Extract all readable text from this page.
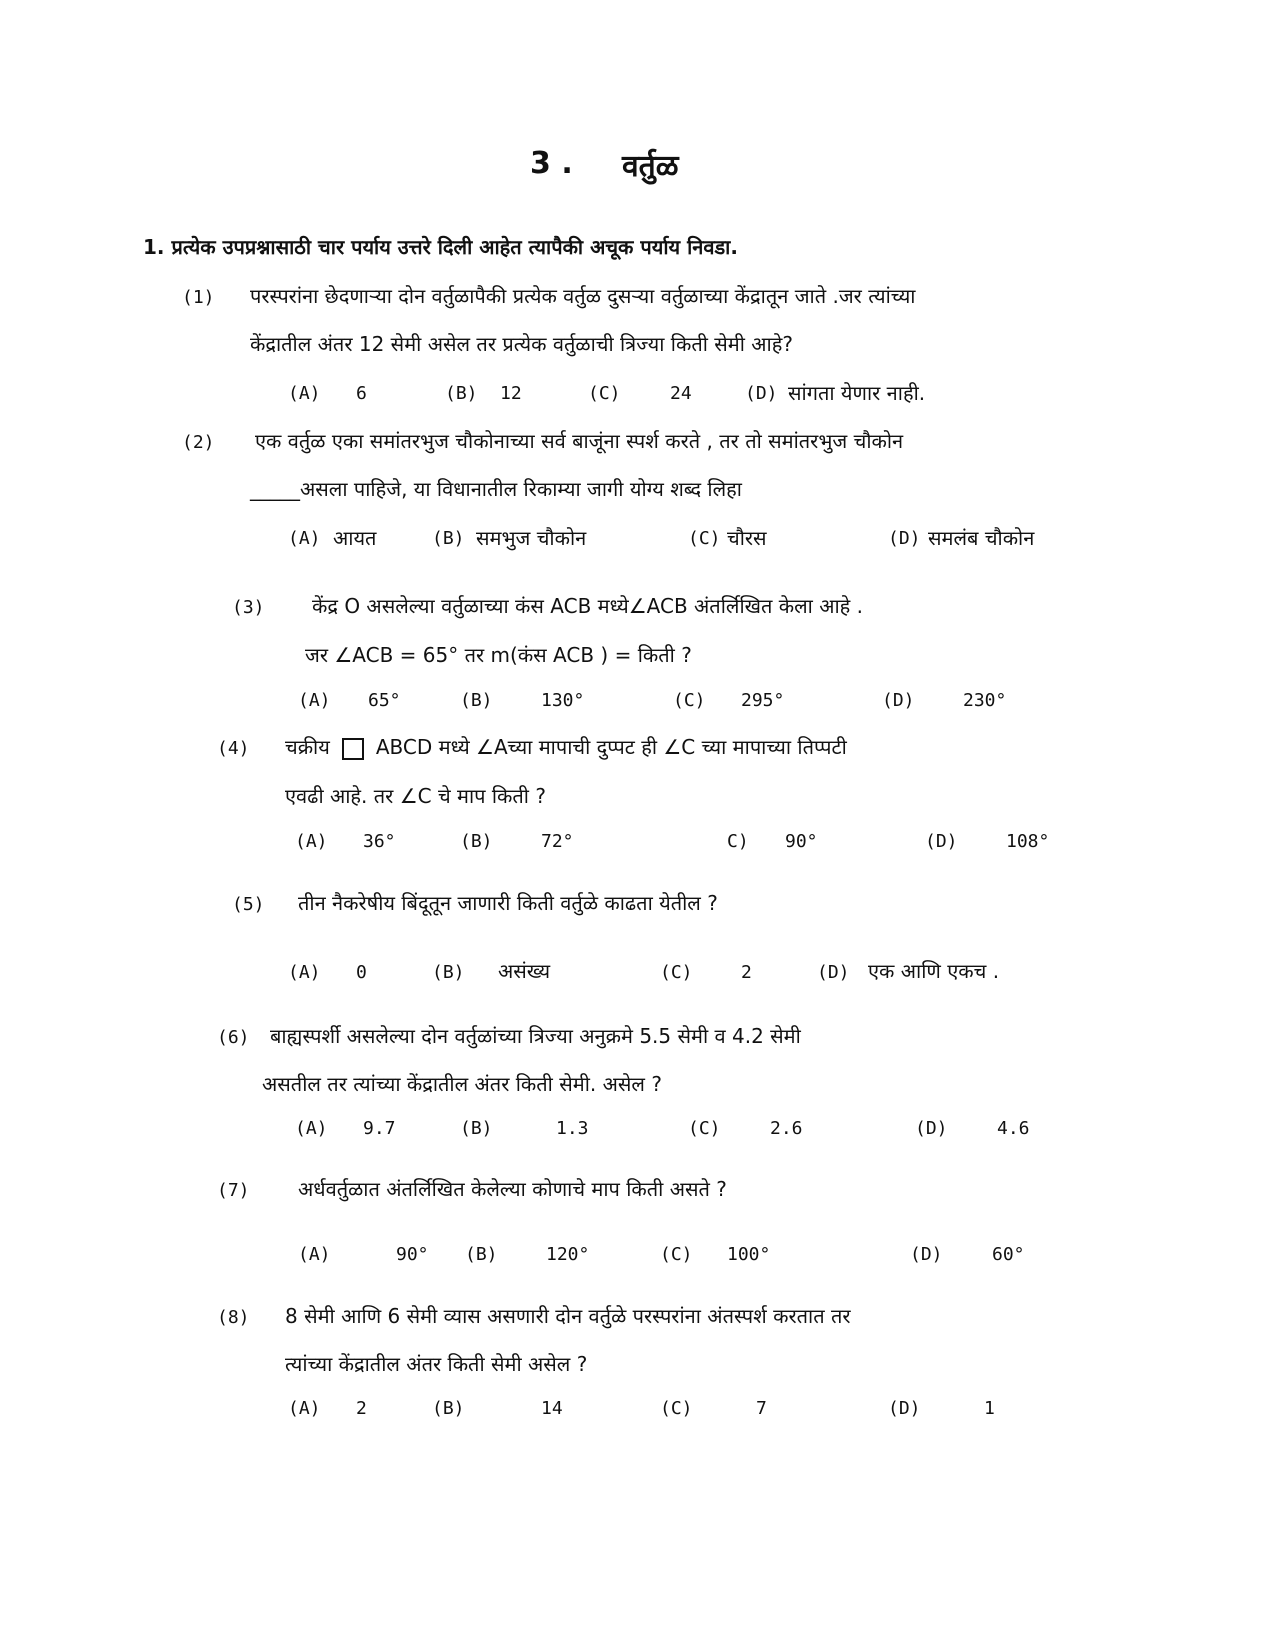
3 . वर्तुळ
1. प्रत्येक उपप्रश्नासाठी चार पर्याय उत्तरे दिली आहेत त्यापैकी अचूक पर्याय निवडा.
(1) परस्परांना छेदणाऱ्या दोन वर्तुळापैकी प्रत्येक वर्तुळ दुसऱ्या वर्तुळाच्या केंद्रातून जाते .जर त्यांच्या
केंद्रातील अंतर 12 सेमी असेल तर प्रत्येक वर्तुळाची त्रिज्या किती सेमी आहे?
(A) 6	(B) 12	(C)	24	(D) सांगता येणार नाही.
(2) एक वर्तुळ एका समांतरभुज चौकोनाच्या सर्व बाजूंना स्पर्श करते , तर तो समांतरभुज चौकोन
_____असला पाहिजे, या विधानातील रिकाम्या जागी योग्य शब्द लिहा
(A) आयत	(B) समभुज चौकोन	(C) चौरस	(D) समलंब चौकोन
(3) केंद्र O असलेल्या वर्तुळाच्या कंस ACB मध्ये∠ACB अंतर्लिखित केला आहे .
जर ∠ACB = 65° तर m(कंस ACB ) = किती ?
(A) 65°	(B)	130°	(C) 295°	(D)	230°
(4) चक्रीय ABCD मध्ये ∠Aच्या मापाची दुप्पट ही ∠C च्या मापाच्या तिप्पटी
एवढी आहे. तर ∠C चे माप किती ?
(A) 36°	(B)	72°	C) 90°	(D)	108°
(5) तीन नैकरेषीय बिंदूतून जाणारी किती वर्तुळे काढता येतील ?
(A) 0	(B) असंख्य	(C)	2	(D) एक आणि एकच .
(6) बाह्यस्पर्शी असलेल्या दोन वर्तुळांच्या त्रिज्या अनुक्रमे 5.5 सेमी व 4.2 सेमी
असतील तर त्यांच्या केंद्रातील अंतर किती सेमी. असेल ?
(A) 9.7	(B)	1.3	(C)	2.6	(D)	4.6
(7) अर्धवर्तुळात अंतर्लिखित केलेल्या कोणाचे माप किती असते ?
(A)	90° (B)	120°	(C) 100°	(D)	60°
(8) 8 सेमी आणि 6 सेमी व्यास असणारी दोन वर्तुळे परस्परांना अंतस्पर्श करतात तर
त्यांच्या केंद्रातील अंतर किती सेमी असेल ?
(A) 2	(B)	14	(C)	7	(D)	1
